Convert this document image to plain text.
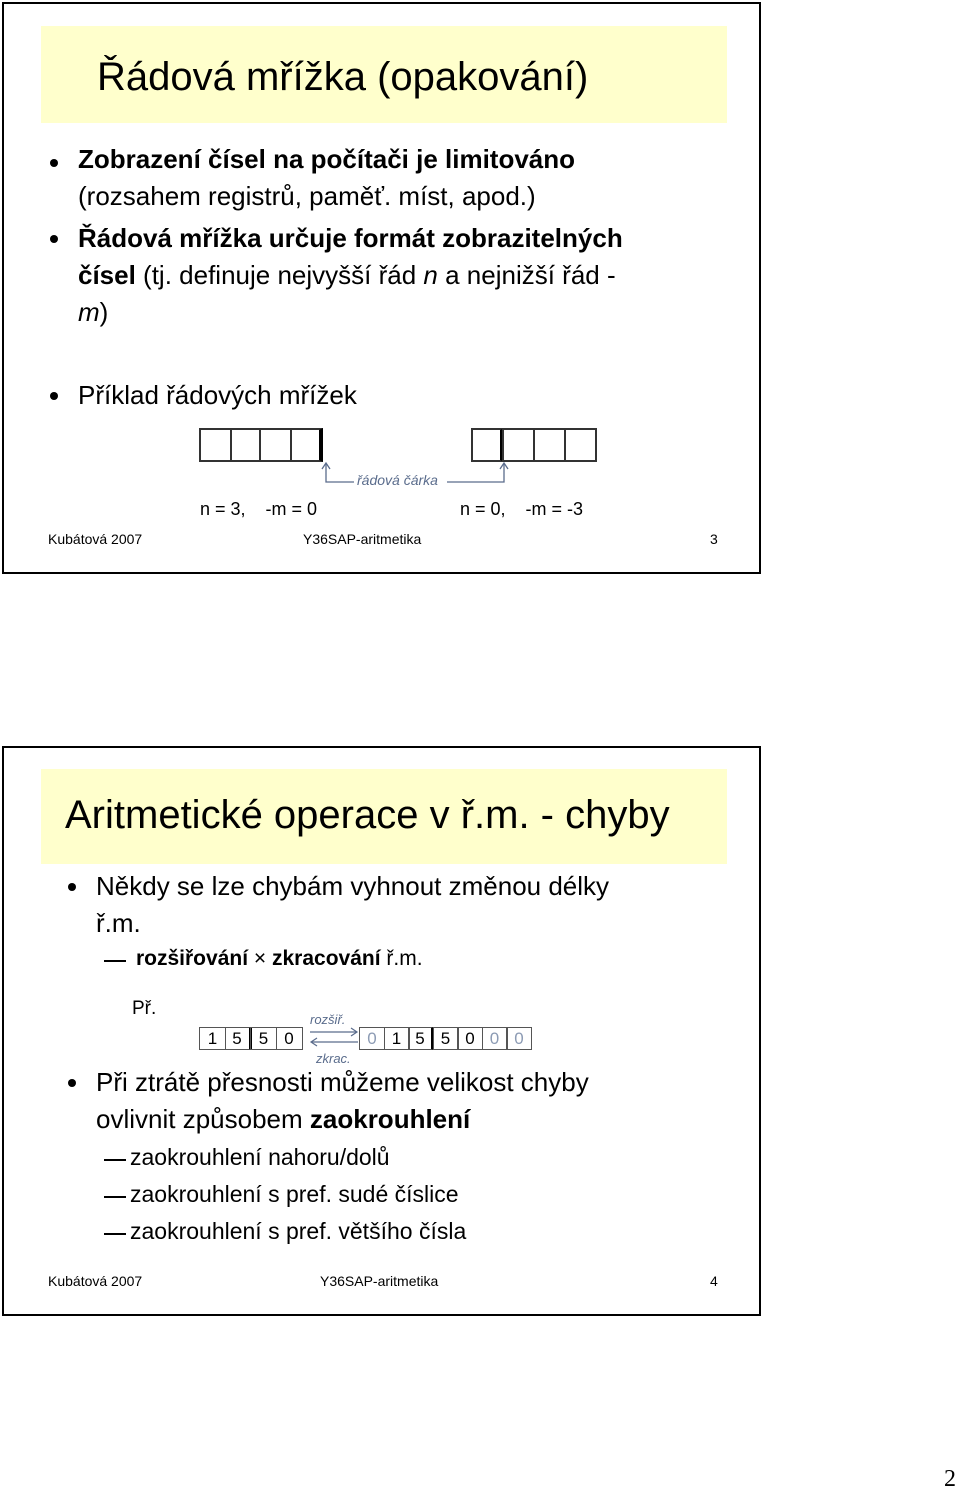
Řádová mřížka (opakování)
Zobrazení čísel na počítači je limitováno
(rozsahem registrů, paměť. míst, apod.)
Řádová mřížka určuje formát zobrazitelných
čísel (tj. definuje nejvyšší řád n a nejnižší řád -
m)
Příklad řádových mřížek
řádová čárka
n = 3,    -m = 0	n = 0,    -m = -3
Kubátová 2007	Y36SAP-aritmetika	3
Aritmetické operace v ř.m. - chyby
Někdy se lze chybám vyhnout změnou délky
ř.m.
rozšiřování × zkracování ř.m.
Př.
1 5	5 0	0 1 5 5 0 0 0
rozšiř.
zkrac.
Při ztrátě přesnosti můžeme velikost chyby
ovlivnit způsobem zaokrouhlení
zaokrouhlení nahoru/dolů
zaokrouhlení s pref. sudé číslice
zaokrouhlení s pref. většího čísla
Kubátová 2007	Y36SAP-aritmetika	4
2
